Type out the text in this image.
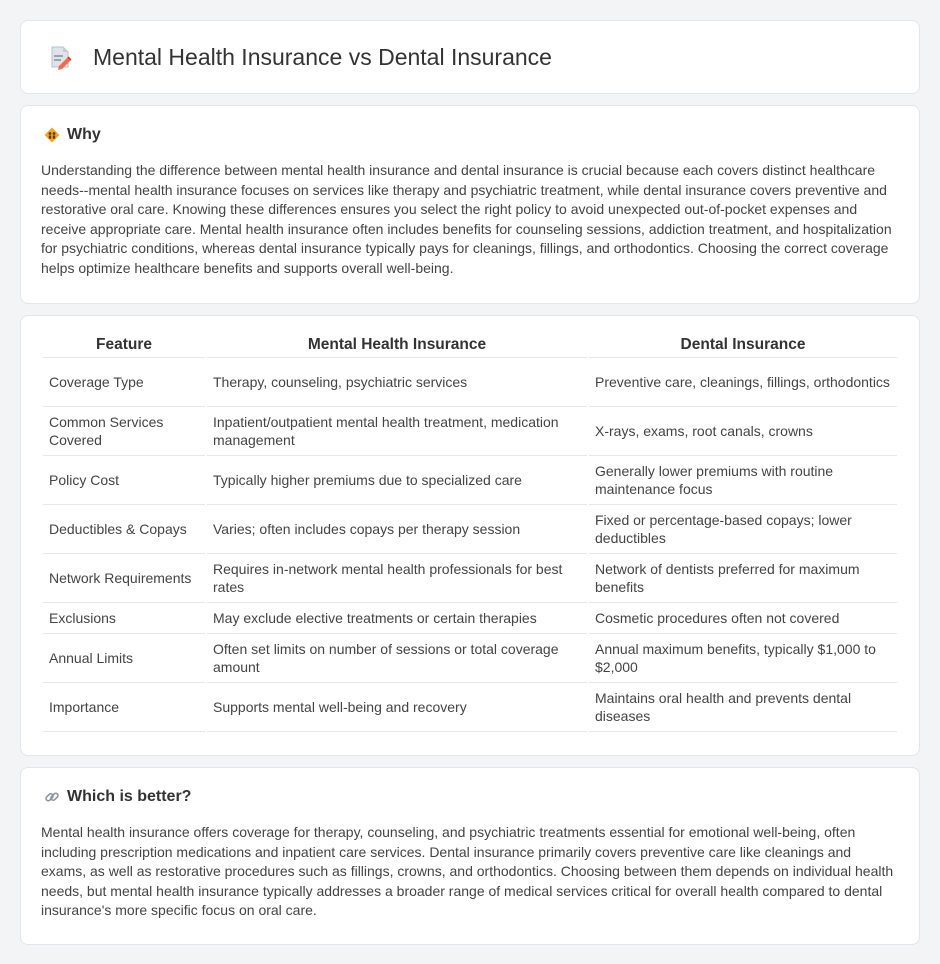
Mental Health Insurance vs Dental Insurance
Why

Understanding the difference between mental health insurance and dental insurance is crucial because each covers distinct healthcare needs--mental health insurance focuses on services like therapy and psychiatric treatment, while dental insurance covers preventive and restorative oral care. Knowing these differences ensures you select the right policy to avoid unexpected out-of-pocket expenses and receive appropriate care. Mental health insurance often includes benefits for counseling sessions, addiction treatment, and hospitalization for psychiatric conditions, whereas dental insurance typically pays for cleanings, fillings, and orthodontics. Choosing the correct coverage helps optimize healthcare benefits and supports overall well-being.

Feature	Mental Health Insurance	Dental Insurance
Coverage Type	Therapy, counseling, psychiatric services	Preventive care, cleanings, fillings, orthodontics
Common Services Covered	Inpatient/outpatient mental health treatment, medication management	X-rays, exams, root canals, crowns
Policy Cost	Typically higher premiums due to specialized care	Generally lower premiums with routine maintenance focus
Deductibles & Copays	Varies; often includes copays per therapy session	Fixed or percentage-based copays; lower deductibles
Network Requirements	Requires in-network mental health professionals for best rates	Network of dentists preferred for maximum benefits
Exclusions	May exclude elective treatments or certain therapies	Cosmetic procedures often not covered
Annual Limits	Often set limits on number of sessions or total coverage amount	Annual maximum benefits, typically $1,000 to $2,000
Importance	Supports mental well-being and recovery	Maintains oral health and prevents dental diseases
Which is better?

Mental health insurance offers coverage for therapy, counseling, and psychiatric treatments essential for emotional well-being, often including prescription medications and inpatient care services. Dental insurance primarily covers preventive care like cleanings and exams, as well as restorative procedures such as fillings, crowns, and orthodontics. Choosing between them depends on individual health needs, but mental health insurance typically addresses a broader range of medical services critical for overall health compared to dental insurance's more specific focus on oral care.
